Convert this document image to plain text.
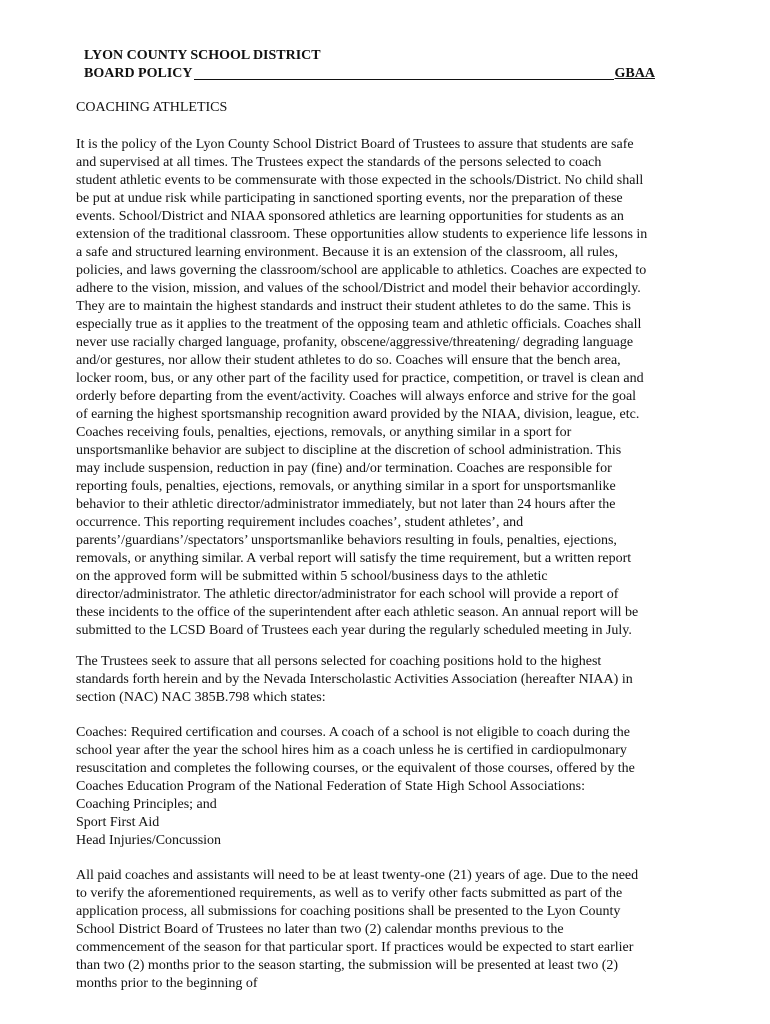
LYON COUNTY SCHOOL DISTRICT
BOARD POLICY	GBAA
COACHING ATHLETICS
It is the policy of the Lyon County School District Board of Trustees to assure that students are safe
and supervised at all times. The Trustees expect the standards of the persons selected to coach
student athletic events to be commensurate with those expected in the schools/District. No child shall
be put at undue risk while participating in sanctioned sporting events, nor the preparation of these
events. School/District and NIAA sponsored athletics are learning opportunities for students as an
extension of the traditional classroom. These opportunities allow students to experience life lessons in
a safe and structured learning environment. Because it is an extension of the classroom, all rules,
policies, and laws governing the classroom/school are applicable to athletics. Coaches are expected to
adhere to the vision, mission, and values of the school/District and model their behavior accordingly.
They are to maintain the highest standards and instruct their student athletes to do the same. This is
especially true as it applies to the treatment of the opposing team and athletic officials. Coaches shall
never use racially charged language, profanity, obscene/aggressive/threatening/ degrading language
and/or gestures, nor allow their student athletes to do so. Coaches will ensure that the bench area,
locker room, bus, or any other part of the facility used for practice, competition, or travel is clean and
orderly before departing from the event/activity. Coaches will always enforce and strive for the goal
of earning the highest sportsmanship recognition award provided by the NIAA, division, league, etc.
Coaches receiving fouls, penalties, ejections, removals, or anything similar in a sport for
unsportsmanlike behavior are subject to discipline at the discretion of school administration. This
may include suspension, reduction in pay (fine) and/or termination. Coaches are responsible for
reporting fouls, penalties, ejections, removals, or anything similar in a sport for unsportsmanlike
behavior to their athletic director/administrator immediately, but not later than 24 hours after the
occurrence. This reporting requirement includes coaches’, student athletes’, and
parents’/guardians’/spectators’ unsportsmanlike behaviors resulting in fouls, penalties, ejections,
removals, or anything similar. A verbal report will satisfy the time requirement, but a written report
on the approved form will be submitted within 5 school/business days to the athletic
director/administrator. The athletic director/administrator for each school will provide a report of
these incidents to the office of the superintendent after each athletic season. An annual report will be
submitted to the LCSD Board of Trustees each year during the regularly scheduled meeting in July.
The Trustees seek to assure that all persons selected for coaching positions hold to the highest
standards forth herein and by the Nevada Interscholastic Activities Association (hereafter NIAA) in
section (NAC) NAC 385B.798 which states:
Coaches: Required certification and courses. A coach of a school is not eligible to coach during the
school year after the year the school hires him as a coach unless he is certified in cardiopulmonary
resuscitation and completes the following courses, or the equivalent of those courses, offered by the
Coaches Education Program of the National Federation of State High School Associations:
Coaching Principles; and
Sport First Aid
Head Injuries/Concussion
All paid coaches and assistants will need to be at least twenty-one (21) years of age. Due to the need
to verify the aforementioned requirements, as well as to verify other facts submitted as part of the
application process, all submissions for coaching positions shall be presented to the Lyon County
School District Board of Trustees no later than two (2) calendar months previous to the
commencement of the season for that particular sport. If practices would be expected to start earlier
than two (2) months prior to the season starting, the submission will be presented at least two (2)
months prior to the beginning of
